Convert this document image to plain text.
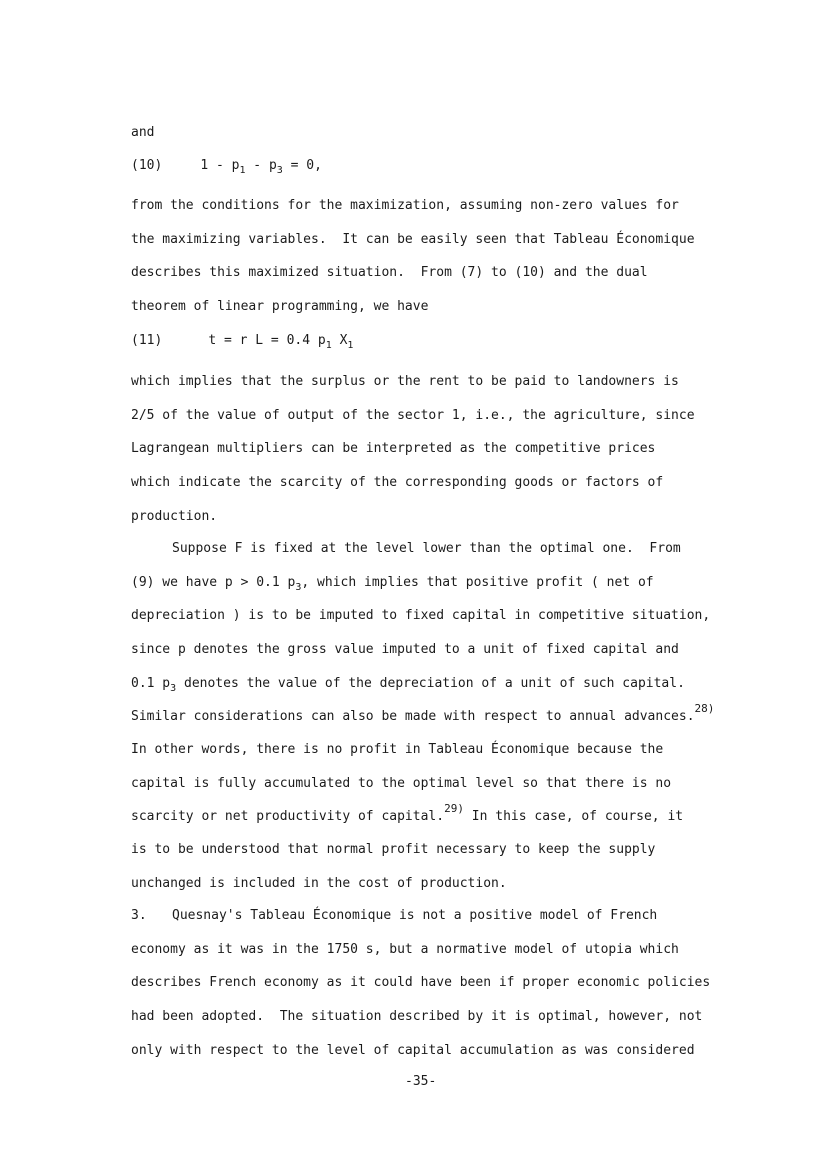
and
(10)	$1 - p_1 - p_3 = 0$,
from the conditions for the maximization, assuming non-zero values for
the maximizing variables.  It can be easily seen that Tableau Économique
describes this maximized situation.  From (7) to (10) and the dual
theorem of linear programming, we have
(11)	t = r L = 0.4 $p_1$ $X_1$
which implies that the surplus or the rent to be paid to landowners is
2/5 of the value of output of the sector 1, i.e., the agriculture, since
Lagrangean multipliers can be interpreted as the competitive prices
which indicate the scarcity of the corresponding goods or factors of
production.
Suppose F is fixed at the level lower than the optimal one.  From
(9) we have p > 0.1 $p_3$, which implies that positive profit ( net of
depreciation ) is to be imputed to fixed capital in competitive situation,
since p denotes the gross value imputed to a unit of fixed capital and
0.1 $p_3$ denotes the value of the depreciation of a unit of such capital.
Similar considerations can also be made with respect to annual advances.$^{28)}$
In other words, there is no profit in Tableau Économique because the
capital is fully accumulated to the optimal level so that there is no
scarcity or net productivity of capital.$^{29)}$ In this case, of course, it
is to be understood that normal profit necessary to keep the supply
unchanged is included in the cost of production.
3. Quesnay's Tableau Économique is not a positive model of French
economy as it was in the 1750 s, but a normative model of utopia which
describes French economy as it could have been if proper economic policies
had been adopted.  The situation described by it is optimal, however, not
only with respect to the level of capital accumulation as was considered
-35-
